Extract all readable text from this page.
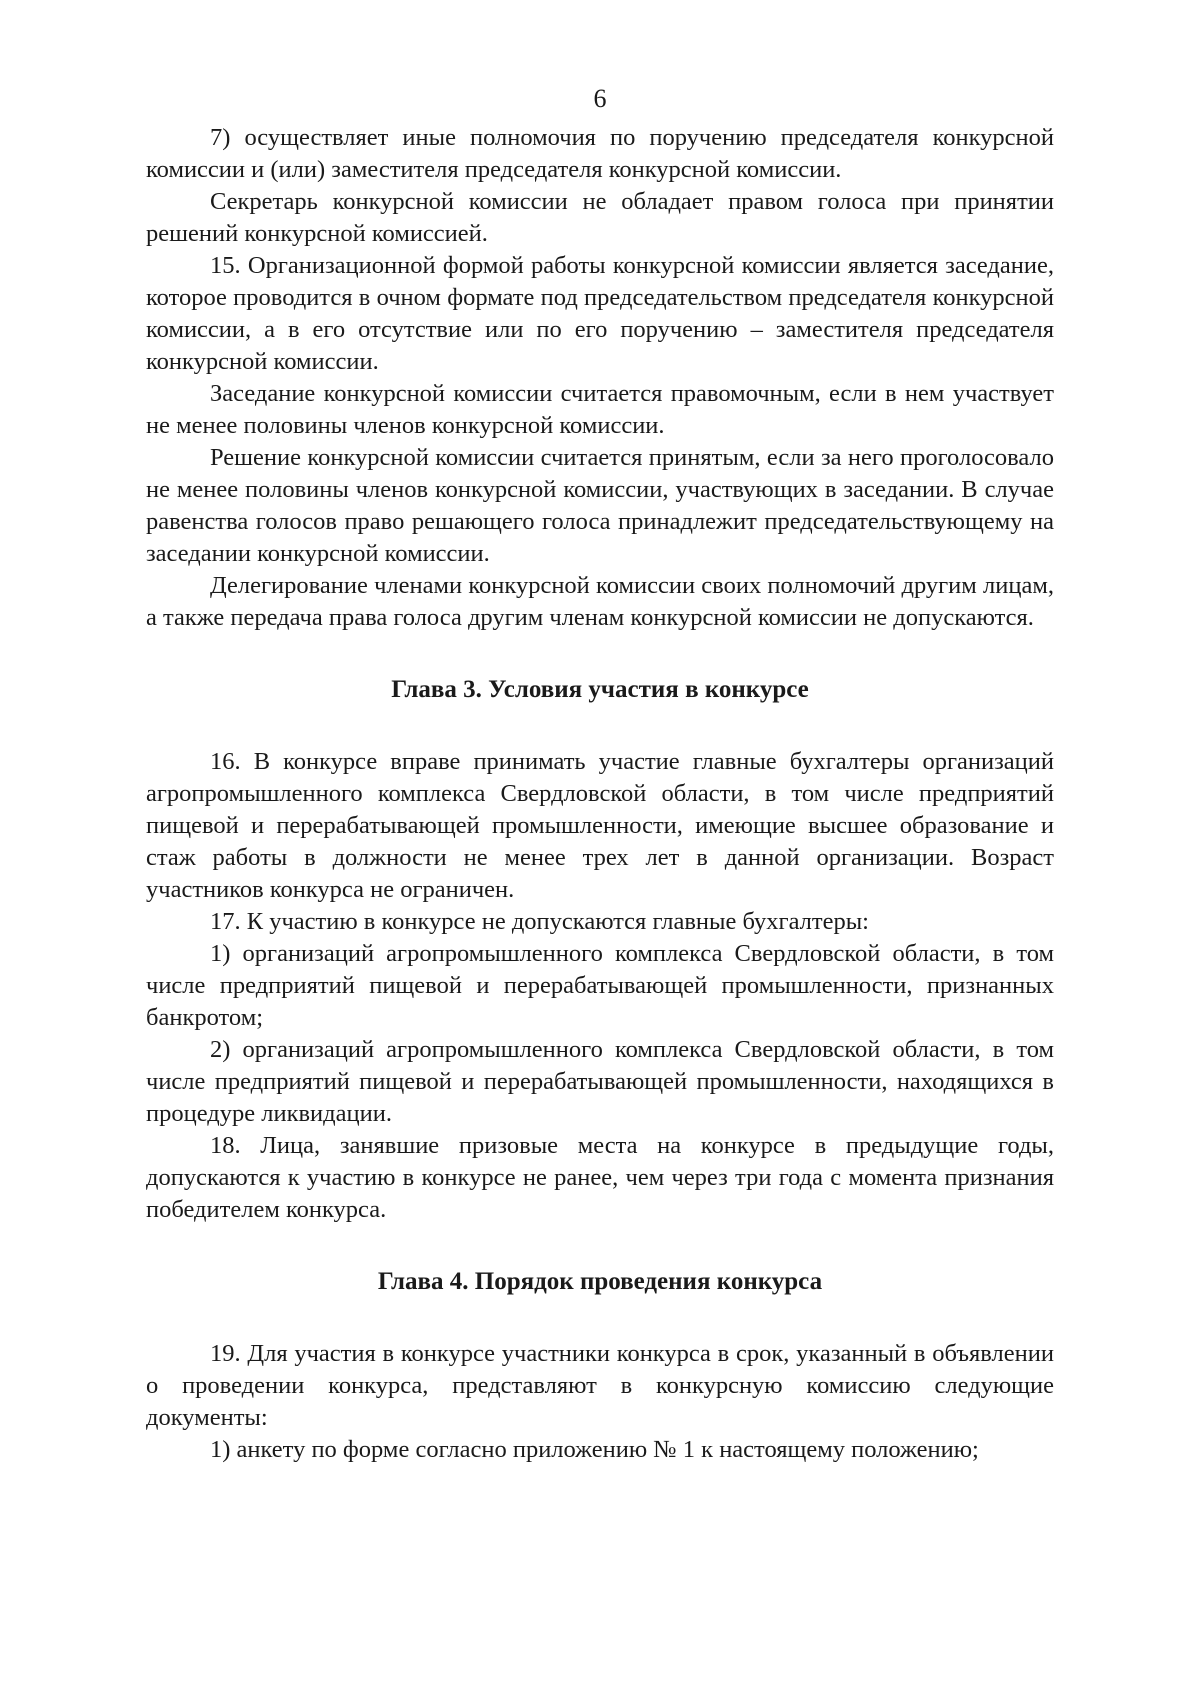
6

7) осуществляет иные полномочия по поручению председателя конкурсной комиссии и (или) заместителя председателя конкурсной комиссии.

Секретарь конкурсной комиссии не обладает правом голоса при принятии решений конкурсной комиссией.

15. Организационной формой работы конкурсной комиссии является заседание, которое проводится в очном формате под председательством председателя конкурсной комиссии, а в его отсутствие или по его поручению – заместителя председателя конкурсной комиссии.

Заседание конкурсной комиссии считается правомочным, если в нем участвует не менее половины членов конкурсной комиссии.

Решение конкурсной комиссии считается принятым, если за него проголосовало не менее половины членов конкурсной комиссии, участвующих в заседании. В случае равенства голосов право решающего голоса принадлежит председательствующему на заседании конкурсной комиссии.

Делегирование членами конкурсной комиссии своих полномочий другим лицам, а также передача права голоса другим членам конкурсной комиссии не допускаются.

Глава 3. Условия участия в конкурсе

16. В конкурсе вправе принимать участие главные бухгалтеры организаций агропромышленного комплекса Свердловской области, в том числе предприятий пищевой и перерабатывающей промышленности, имеющие высшее образование и стаж работы в должности не менее трех лет в данной организации. Возраст участников конкурса не ограничен.

17. К участию в конкурсе не допускаются главные бухгалтеры:

1) организаций агропромышленного комплекса Свердловской области, в том числе предприятий пищевой и перерабатывающей промышленности, признанных банкротом;

2) организаций агропромышленного комплекса Свердловской области, в том числе предприятий пищевой и перерабатывающей промышленности, находящихся в процедуре ликвидации.

18. Лица, занявшие призовые места на конкурсе в предыдущие годы, допускаются к участию в конкурсе не ранее, чем через три года с момента признания победителем конкурса.

Глава 4. Порядок проведения конкурса

19. Для участия в конкурсе участники конкурса в срок, указанный в объявлении о проведении конкурса, представляют в конкурсную комиссию следующие документы:

1) анкету по форме согласно приложению № 1 к настоящему положению;
